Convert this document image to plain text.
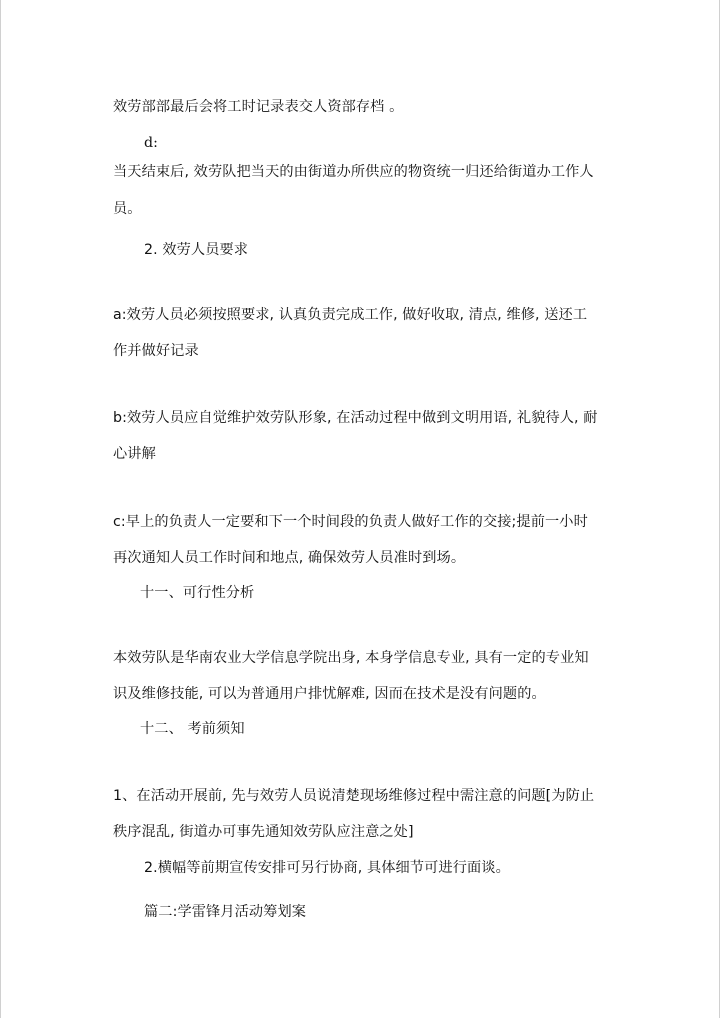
效劳部部最后会将工时记录表交人资部存档 。
d:
当天结束后, 效劳队把当天的由街道办所供应的物资统一归还给街道办工作人
员。
2. 效劳人员要求
a:效劳人员必须按照要求, 认真负责完成工作, 做好收取, 清点, 维修, 送还工
作并做好记录
b:效劳人员应自觉维护效劳队形象, 在活动过程中做到文明用语, 礼貌待人, 耐
心讲解
c:早上的负责人一定要和下一个时间段的负责人做好工作的交接;提前一小时
再次通知人员工作时间和地点, 确保效劳人员准时到场。
十一、可行性分析
本效劳队是华南农业大学信息学院出身, 本身学信息专业, 具有一定的专业知
识及维修技能, 可以为普通用户排忧解难, 因而在技术是没有问题的。
十二、 考前须知
1、在活动开展前, 先与效劳人员说清楚现场维修过程中需注意的问题[为防止
秩序混乱, 街道办可事先通知效劳队应注意之处]
2.横幅等前期宣传安排可另行协商, 具体细节可进行面谈。
篇二:学雷锋月活动筹划案
